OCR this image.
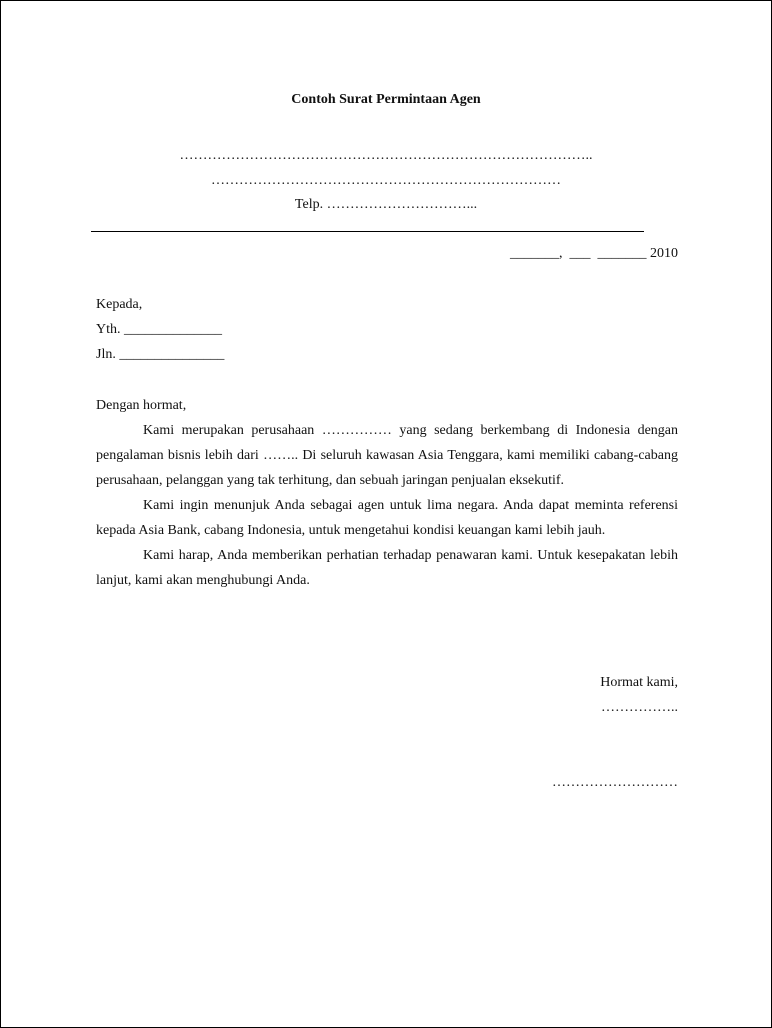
Contoh Surat Permintaan Agen
……………………………………………………………………………..
…………………………………………………………………
Telp. …………………………...
_______,  ___  _______ 2010
Kepada,
Yth. ______________
Jln. _______________

Dengan hormat,

Kami merupakan perusahaan …………… yang sedang berkembang di Indonesia dengan pengalaman bisnis lebih dari …….. Di seluruh kawasan Asia Tenggara, kami memiliki cabang-cabang perusahaan, pelanggan yang tak terhitung, dan sebuah jaringan penjualan eksekutif.

Kami ingin menunjuk Anda sebagai agen untuk lima negara. Anda dapat meminta referensi kepada Asia Bank, cabang Indonesia, untuk mengetahui kondisi keuangan kami lebih jauh.

Kami harap, Anda memberikan perhatian terhadap penawaran kami. Untuk kesepakatan lebih lanjut, kami akan menghubungi Anda.

Hormat kami,
……………..
………………………
